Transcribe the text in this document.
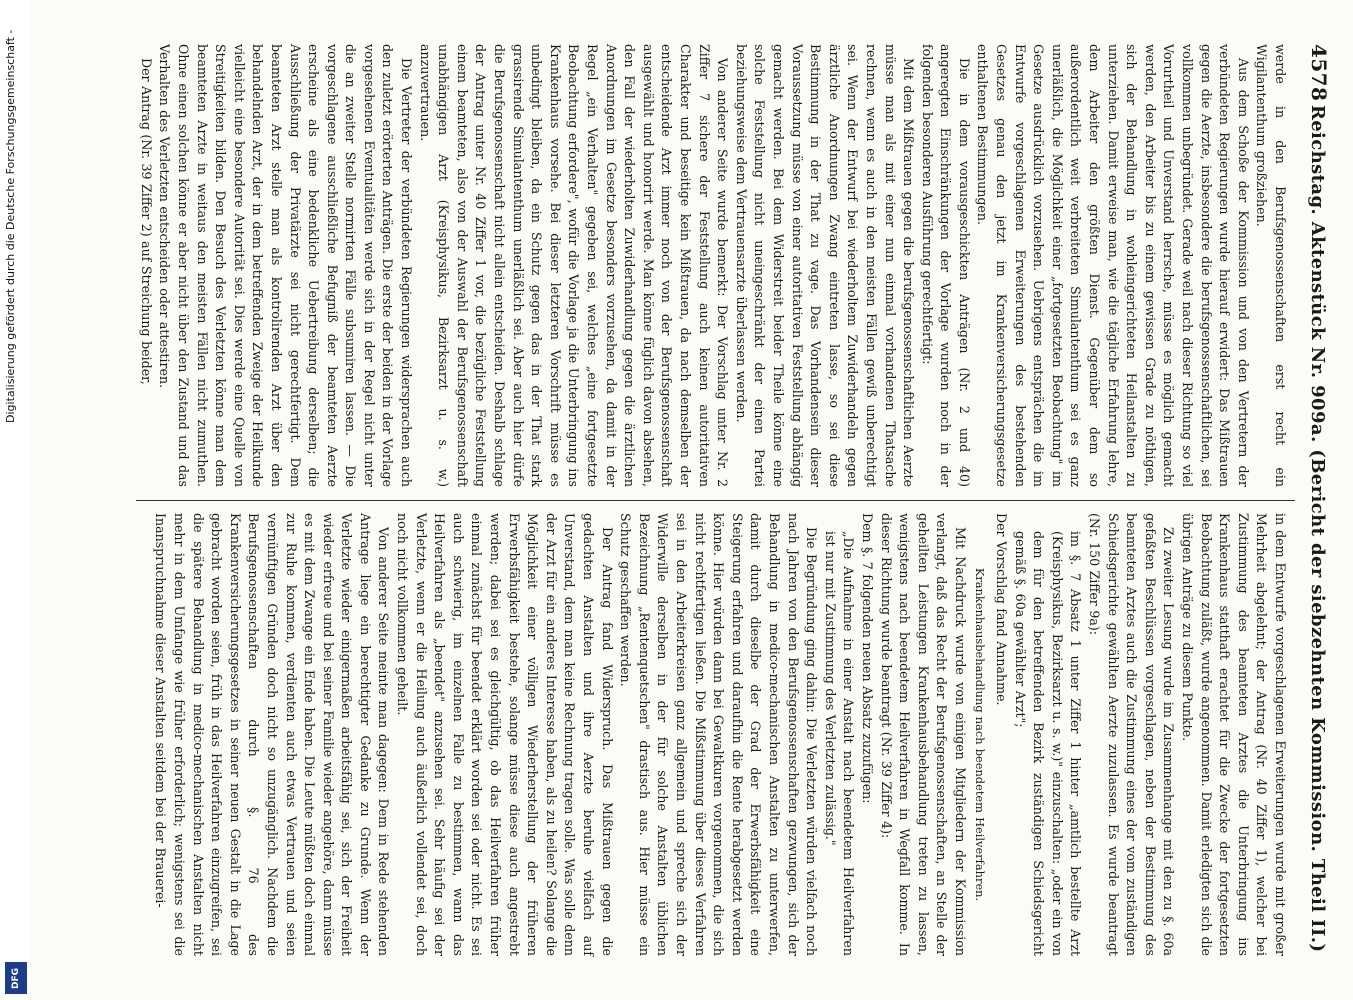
4578
Reichstag. Aktenstück Nr. 909a. (Bericht der siebzehnten Kommission. Theil II.)

werde in den Berufsgenossenschaften erst recht ein Wigilantenthum großziehen.

Aus dem Schoße der Kommission und von den Vertretern der verbündeten Regierungen wurde hierauf erwidert: Das Mißtrauen gegen die Aerzte, insbesondere die berufsgenossenschaftlichen, sei vollkommen unbegründet. Gerade weil nach dieser Richtung so viel Vorurtheil und Unverstand herrsche, müsse es möglich gemacht werden, den Arbeiter bis zu einem gewissen Grade zu nöthigen, sich der Behandlung in wohleingerichteten Heilanstalten zu unterziehen. Damit erweise man, wie die tägliche Erfahrung lehre, dem Arbeiter den größten Dienst. Gegenüber dem so außerordentlich weit verbreiteten Simulantenthum sei es ganz unerläßlich, die Möglichkeit einer „fortgesetzten Beobachtung" im Gesetze ausdrücklich vorzusehen. Uebrigens entsprächen die im Entwurfe vorgeschlagenen Erweiterungen des bestehenden Gesetzes genau den jetzt im Krankenversicherungsgesetze enthaltenen Bestimmungen.

Die in dem vorausgeschickten Anträgen (Nr. 2 und 40) angeregten Einschränkungen der Vorlage wurden noch in der folgenden besonderen Ausführung gerechtfertigt:

Mit dem Mißtrauen gegen die berufsgenossenschaftlichen Aerzte müsse man als mit einer nun einmal vorhandenen Thatsache rechnen, wenn es auch in den meisten Fällen gewiß unberechtigt sei. Wenn der Entwurf bei wiederholtem Zuwiderhandeln gegen ärztliche Anordnungen Zwang eintreten lasse, so sei diese Bestimmung in der That zu vage. Das Vorhandensein dieser Voraussetzung müsse von einer autoritativen Feststellung abhängig gemacht werden. Bei dem Widerstreit beider Theile könne eine solche Feststellung nicht uneingeschränkt der einen Partei beziehungsweise dem Vertrauensarzte überlassen werden.

Von anderer Seite wurde bemerkt: Der Vorschlag unter Nr. 2 Ziffer 7 sichere der Feststellung auch keinen autoritativen Charakter und beseitige kein Mißtrauen, da nach demselben der entscheidende Arzt immer noch von der Berufsgenossenschaft ausgewählt und honorirt werde. Man könne füglich davon absehen, den Fall der wiederholten Zuwiderhandlung gegen die ärztlichen Anordnungen im Gesetze besonders vorzusehen, da damit in der Regel „ein Verhalten" gegeben sei, welches „eine fortgesetzte Beobachtung erfordere", wofür die Vorlage ja die Unterbringung ins Krankenhaus vorsehe. Bei dieser letzteren Vorschrift müsse es unbedingt bleiben, da ein Schutz gegen das in der That stark grassirende Simulantenthum unerläßlich sei. Aber auch hier dürfe die Berufsgenossenschaft nicht allein entscheiden. Deshalb schlage der Antrag unter Nr. 40 Ziffer 1 vor, die bezügliche Feststellung einem beamteten, also von der Auswahl der Berufsgenossenschaft unabhängigen Arzt (Kreisphysikus, Bezirksarzt u. s. w.) anzuvertrauen.

Die Vertreter der verbündeten Regierungen widersprachen auch den zuletzt erörterten Anträgen. Die erste der beiden in der Vorlage vorgesehenen Eventualitäten werde sich in der Regel nicht unter die an zweiter Stelle normirten Fälle subsumiren lassen. — Die vorgeschlagene ausschließliche Befugniß der beamteten Aerzte erscheine als eine bedenkliche Uebertreibung derselben; die Ausschließung der Privatärzte sei nicht gerechtfertigt. Dem beamteten Arzt stelle man als kontrolirenden Arzt über den behandelnden Arzt, der in dem betreffenden Zweige der Heilkunde vielleicht eine besondere Autorität sei. Dies werde eine Quelle von Streitigkeiten bilden. Den Besuch des Verletzten könne man dem beamteten Arzte in weitaus den meisten Fällen nicht zumuthen. Ohne einen solchen könne er aber nicht über den Zustand und das Verhalten des Verletzten entscheiden oder attestiren.

Der Antrag (Nr. 39 Ziffer 2) auf Streichung beider,

in dem Entwurfe vorgeschlagenen Erweiterungen wurde mit großer Mehrheit abgelehnt; der Antrag (Nr. 40 Ziffer 1), welcher bei Zustimmung des beamteten Arztes die Unterbringung ins Krankenhaus statthaft erachtet für die Zwecke der fortgesetzten Beobachtung zuläßt, wurde angenommen. Damit erledigten sich die übrigen Anträge zu diesem Punkte.

Zu zweiter Lesung wurde im Zusammenhange mit den zu §. 60a gefaßten Beschlüssen vorgeschlagen, neben der Bestimmung des beamteten Arztes auch die Zustimmung eines der vom zuständigen Schiedsgerichte gewählten Aerzte zuzulassen. Es wurde beantragt (Nr. 150 Ziffer 9a):

im §. 7 Absatz 1 unter Ziffer 1 hinter „amtlich bestellte Arzt (Kreisphysikus, Bezirksarzt u. s. w.)" einzuschalten: „oder ein von dem für den betreffenden Bezirk zuständigen Schiedsgericht gemäß §. 60a gewählter Arzt";

Der Vorschlag fand Annahme.

Krankenhausbehandlung nach beendetem Heilverfahren.

Mit Nachdruck wurde von einigen Mitgliedern der Kommission verlangt, daß das Recht der Berufsgenossenschaften, an Stelle der geheilten Leistungen Krankenhausbehandlung treten zu lassen, wenigstens nach beendetem Heilverfahren in Wegfall komme. In dieser Richtung wurde beantragt (Nr. 39 Ziffer 4):

Dem §. 7 folgenden neuen Absatz zuzufügen:

„Die Aufnahme in einer Anstalt nach beendetem Heilverfahren ist nur mit Zustimmung des Verletzten zulässig."

Die Begründung ging dahin: Die Verletzten würden vielfach noch nach Jahren von den Berufsgenossenschaften gezwungen, sich der Behandlung in medico-mechanischen Anstalten zu unterwerfen, damit durch dieselbe der Grad der Erwerbsfähigkeit eine Steigerung erfahren und daraufhin die Rente herabgesetzt werden könne. Hier würden dann bei Gewaltkuren vorgenommen, die sich nicht rechtfertigen ließen. Die Mißstimmung über dieses Verfahren sei in den Arbeiterkreisen ganz allgemein und spreche sich der Widerwille derselben in der für solche Anstalten üblichen Bezeichnung „Rentenquetschen" drastisch aus. Hier müsse ein Schutz geschaffen werden.

Der Antrag fand Widerspruch. Das Mißtrauen gegen die gedachten Anstalten und ihre Aerzte beruhe vielfach auf Unverstand, dem man keine Rechnung tragen solle. Was solle denn der Arzt für ein anderes Interesse haben, als zu heilen? Solange die Möglichkeit einer völligen Wiederherstellung der früheren Erwerbsfähigkeit bestehe, solange müsse diese auch angestrebt werden; dabei sei es gleichgültig, ob das Heilverfahren früher einmal zunächst für beendet erklärt worden sei oder nicht. Es sei auch schwierig, im einzelnen Falle zu bestimmen, wann das Heilverfahren als „beendet" anzusehen sei. Sehr häufig sei der Verletzte, wenn er die Heilung auch äußerlich vollendet sei, doch noch nicht vollkommen geheilt.

Von anderer Seite meinte man dagegen: Dem in Rede stehenden Antrage liege ein berechtigter Gedanke zu Grunde. Wenn der Verletzte wieder einigermaßen arbeitsfähig sei, sich der Freiheit wieder erfreue und bei seiner Familie wieder angehöre, dann müsse es mit dem Zwange ein Ende haben. Die Leute müßten doch einmal zur Ruhe kommen, verdienten auch etwas Vertrauen und seien vernünftigen Gründen doch nicht so unzugänglich. Nachdem die Berufsgenossenschaften durch §. 76 des Krankenversicherungsgesetzes in seiner neuen Gestalt in die Lage gebracht worden seien, früh in das Heilverfahren einzugreifen, sei die spätere Behandlung in medico-mechanischen Anstalten nicht mehr in dem Umfange wie früher erforderlich; wenigstens sei die Inanspruchnahme dieser Anstalten seitdem bei der Brauerei-

Digitalisierung gefördert durch die Deutsche Forschungsgemeinschaft -
DFG
